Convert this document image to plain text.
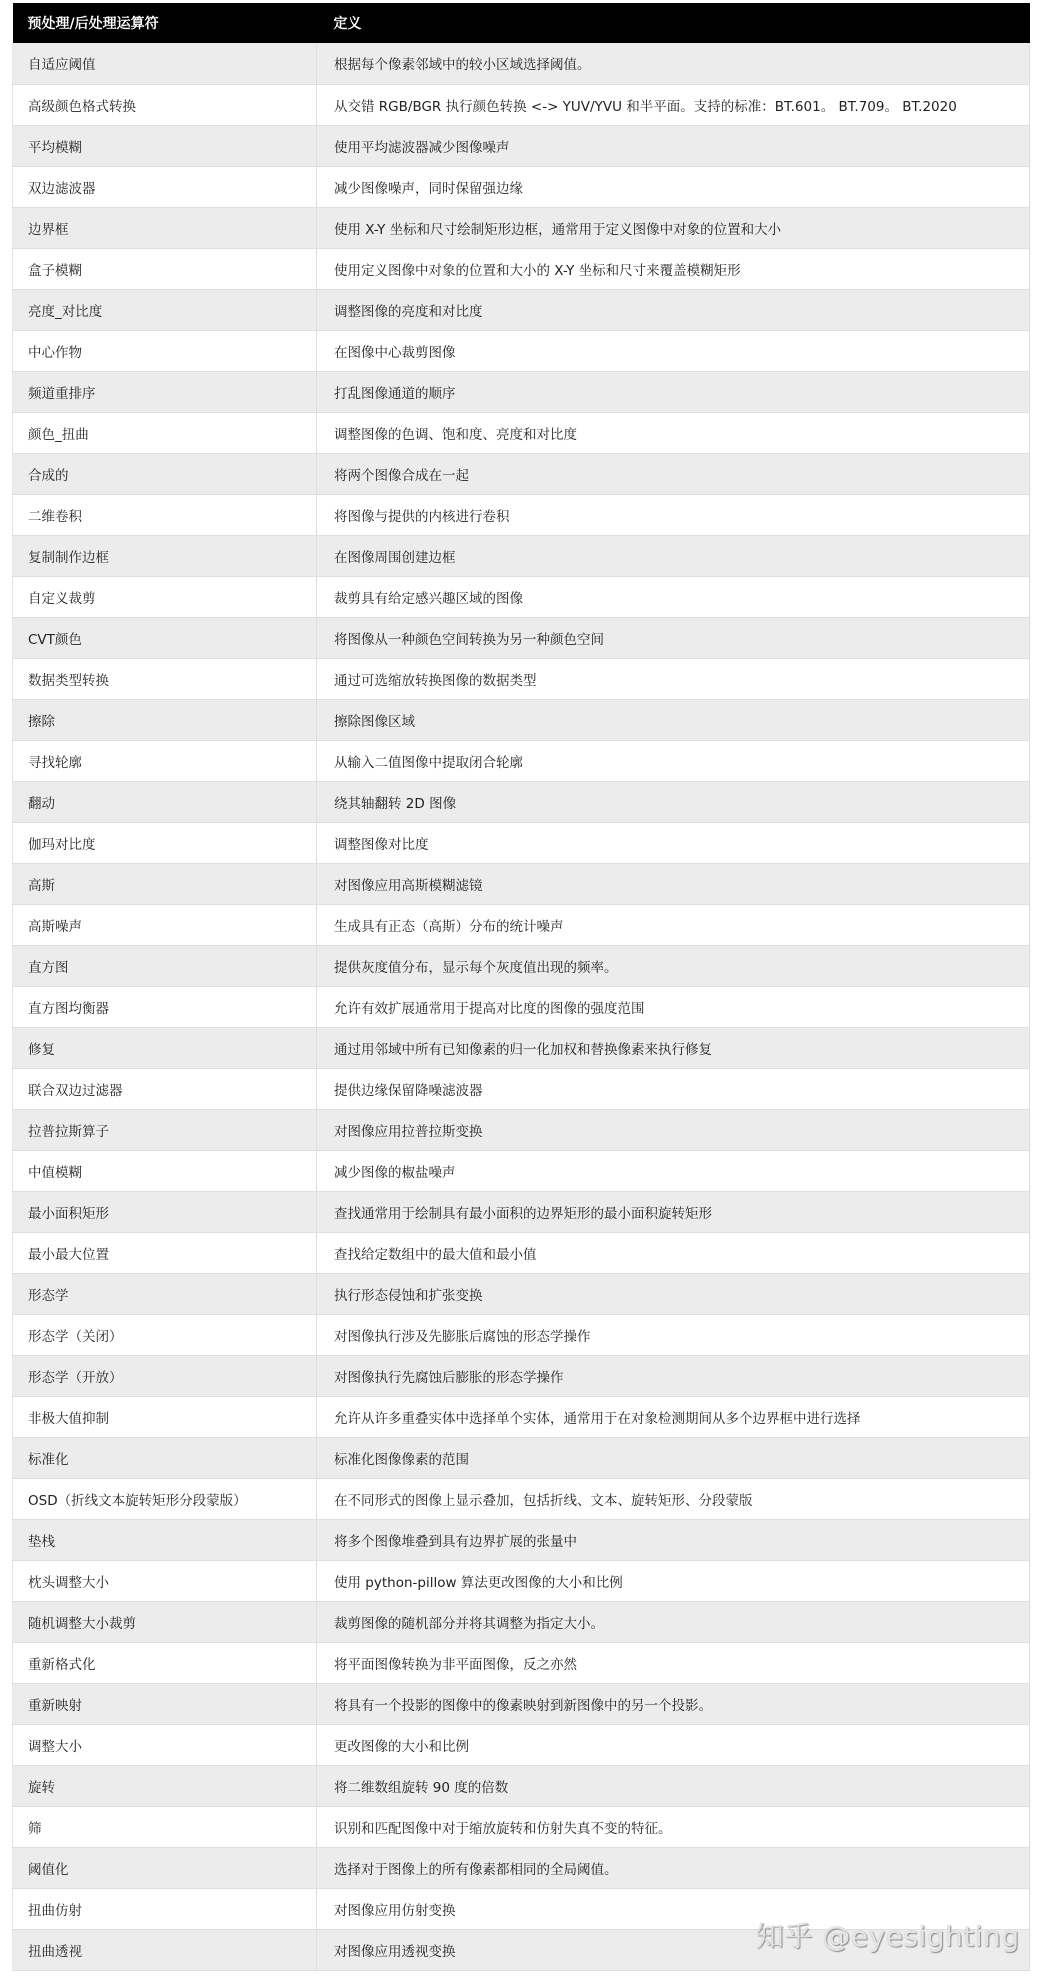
预处理/后处理运算符	定义
自适应阈值	根据每个像素邻域中的较小区域选择阈值。
高级颜色格式转换	从交错 RGB/BGR 执行颜色转换 <-> YUV/YVU 和半平面。支持的标准：BT.601。 BT.709。 BT.2020
平均模糊	使用平均滤波器减少图像噪声
双边滤波器	减少图像噪声，同时保留强边缘
边界框	使用 X-Y 坐标和尺寸绘制矩形边框，通常用于定义图像中对象的位置和大小
盒子模糊	使用定义图像中对象的位置和大小的 X-Y 坐标和尺寸来覆盖模糊矩形
亮度_对比度	调整图像的亮度和对比度
中心作物	在图像中心裁剪图像
频道重排序	打乱图像通道的顺序
颜色_扭曲	调整图像的色调、饱和度、亮度和对比度
合成的	将两个图像合成在一起
二维卷积	将图像与提供的内核进行卷积
复制制作边框	在图像周围创建边框
自定义裁剪	裁剪具有给定感兴趣区域的图像
CVT颜色	将图像从一种颜色空间转换为另一种颜色空间
数据类型转换	通过可选缩放转换图像的数据类型
擦除	擦除图像区域
寻找轮廓	从输入二值图像中提取闭合轮廓
翻动	绕其轴翻转 2D 图像
伽玛对比度	调整图像对比度
高斯	对图像应用高斯模糊滤镜
高斯噪声	生成具有正态（高斯）分布的统计噪声
直方图	提供灰度值分布，显示每个灰度值出现的频率。
直方图均衡器	允许有效扩展通常用于提高对比度的图像的强度范围
修复	通过用邻域中所有已知像素的归一化加权和替换像素来执行修复
联合双边过滤器	提供边缘保留降噪滤波器
拉普拉斯算子	对图像应用拉普拉斯变换
中值模糊	减少图像的椒盐噪声
最小面积矩形	查找通常用于绘制具有最小面积的边界矩形的最小面积旋转矩形
最小最大位置	查找给定数组中的最大值和最小值
形态学	执行形态侵蚀和扩张变换
形态学（关闭）	对图像执行涉及先膨胀后腐蚀的形态学操作
形态学（开放）	对图像执行先腐蚀后膨胀的形态学操作
非极大值抑制	允许从许多重叠实体中选择单个实体，通常用于在对象检测期间从多个边界框中进行选择
标准化	标准化图像像素的范围
OSD（折线文本旋转矩形分段蒙版）	在不同形式的图像上显示叠加，包括折线、文本、旋转矩形、分段蒙版
垫栈	将多个图像堆叠到具有边界扩展的张量中
枕头调整大小	使用 python-pillow 算法更改图像的大小和比例
随机调整大小裁剪	裁剪图像的随机部分并将其调整为指定大小。
重新格式化	将平面图像转换为非平面图像，反之亦然
重新映射	将具有一个投影的图像中的像素映射到新图像中的另一个投影。
调整大小	更改图像的大小和比例
旋转	将二维数组旋转 90 度的倍数
筛	识别和匹配图像中对于缩放旋转和仿射失真不变的特征。
阈值化	选择对于图像上的所有像素都相同的全局阈值。
扭曲仿射	对图像应用仿射变换
扭曲透视	对图像应用透视变换	知乎 @eyesighting
